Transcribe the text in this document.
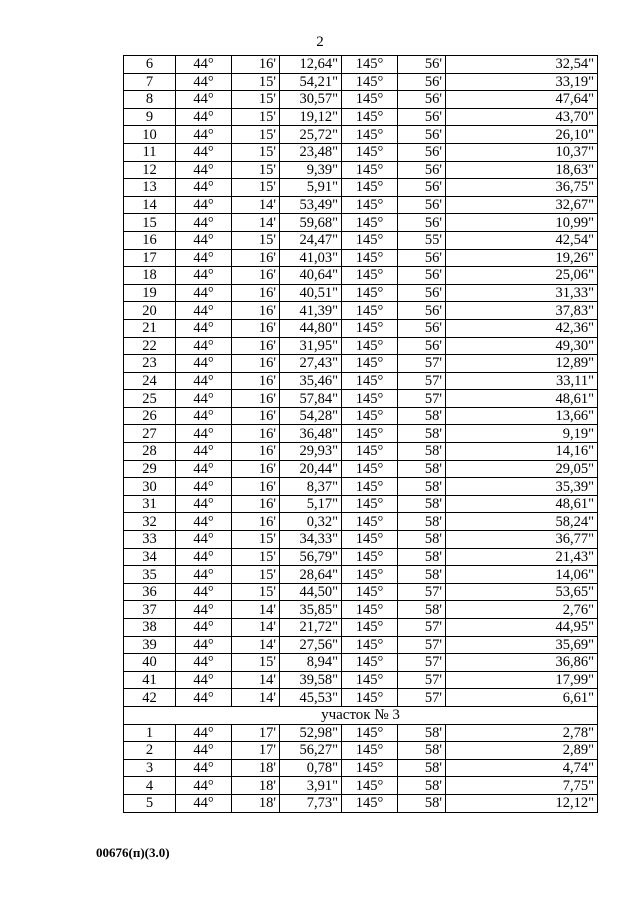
2
6	44°	16'	12,64"	145°	56'	32,54"
7	44°	15'	54,21"	145°	56'	33,19"
8	44°	15'	30,57"	145°	56'	47,64"
9	44°	15'	19,12"	145°	56'	43,70"
10	44°	15'	25,72"	145°	56'	26,10"
11	44°	15'	23,48"	145°	56'	10,37"
12	44°	15'	9,39"	145°	56'	18,63"
13	44°	15'	5,91"	145°	56'	36,75"
14	44°	14'	53,49"	145°	56'	32,67"
15	44°	14'	59,68"	145°	56'	10,99"
16	44°	15'	24,47"	145°	55'	42,54"
17	44°	16'	41,03"	145°	56'	19,26"
18	44°	16'	40,64"	145°	56'	25,06"
19	44°	16'	40,51"	145°	56'	31,33"
20	44°	16'	41,39"	145°	56'	37,83"
21	44°	16'	44,80"	145°	56'	42,36"
22	44°	16'	31,95"	145°	56'	49,30"
23	44°	16'	27,43"	145°	57'	12,89"
24	44°	16'	35,46"	145°	57'	33,11"
25	44°	16'	57,84"	145°	57'	48,61"
26	44°	16'	54,28"	145°	58'	13,66"
27	44°	16'	36,48"	145°	58'	9,19"
28	44°	16'	29,93"	145°	58'	14,16"
29	44°	16'	20,44"	145°	58'	29,05"
30	44°	16'	8,37"	145°	58'	35,39"
31	44°	16'	5,17"	145°	58'	48,61"
32	44°	16'	0,32"	145°	58'	58,24"
33	44°	15'	34,33"	145°	58'	36,77"
34	44°	15'	56,79"	145°	58'	21,43"
35	44°	15'	28,64"	145°	58'	14,06"
36	44°	15'	44,50"	145°	57'	53,65"
37	44°	14'	35,85"	145°	58'	2,76"
38	44°	14'	21,72"	145°	57'	44,95"
39	44°	14'	27,56"	145°	57'	35,69"
40	44°	15'	8,94"	145°	57'	36,86"
41	44°	14'	39,58"	145°	57'	17,99"
42	44°	14'	45,53"	145°	57'	6,61"
участок № 3						
1	44°	17'	52,98"	145°	58'	2,78"
2	44°	17'	56,27"	145°	58'	2,89"
3	44°	18'	0,78"	145°	58'	4,74"
4	44°	18'	3,91"	145°	58'	7,75"
5	44°	18'	7,73"	145°	58'	12,12"
00676(п)(3.0)
